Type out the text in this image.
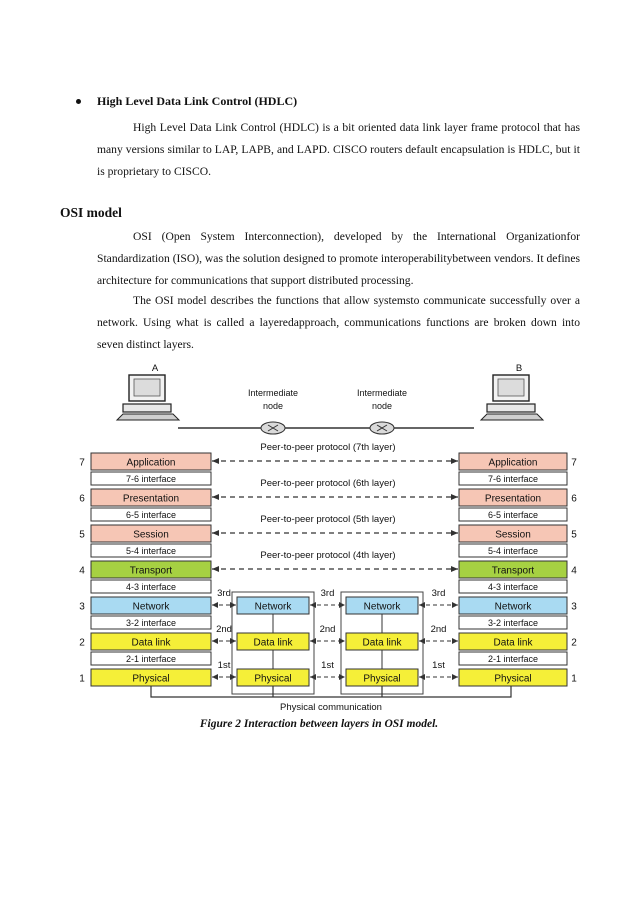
High Level Data Link Control (HDLC)

High Level Data Link Control (HDLC) is a bit oriented data link layer frame protocol that has many versions similar to LAP, LAPB, and LAPD. CISCO routers default encapsulation is HDLC, but it is proprietary to CISCO.

OSI model

OSI (Open System Interconnection), developed by the International Organizationfor Standardization (ISO), was the solution designed to promote interoperabilitybetween vendors. It defines architecture for communications that support distributed processing.

The OSI model describes the functions that allow systemsto communicate successfully over a network. Using what is called a layeredapproach, communications functions are broken down into seven distinct layers.

A	B
Intermediate
node
Intermediate
node
Peer-to-peer protocol (7th layer)
Peer-to-peer protocol (6th layer)
Peer-to-peer protocol (5th layer)
Peer-to-peer protocol (4th layer)
Application	Application
7	7
Presentation	Presentation
6	6
Session	Session
5	5
Transport	Transport
4	4
Network	Network
3	3
Data link	Data link
2	2
Physical	Physical
1	1
7-6 interface	7-6 interface
6-5 interface	6-5 interface
5-4 interface	5-4 interface
4-3 interface	4-3 interface
3-2 interface	3-2 interface
2-1 interface	2-1 interface
Network
Data link
Physical
Network
Data link
Physical
3rd	3rd	3rd
2nd	2nd	2nd
1st	1st	1st
Physical communication
Figure 2 Interaction between layers in OSI model.
